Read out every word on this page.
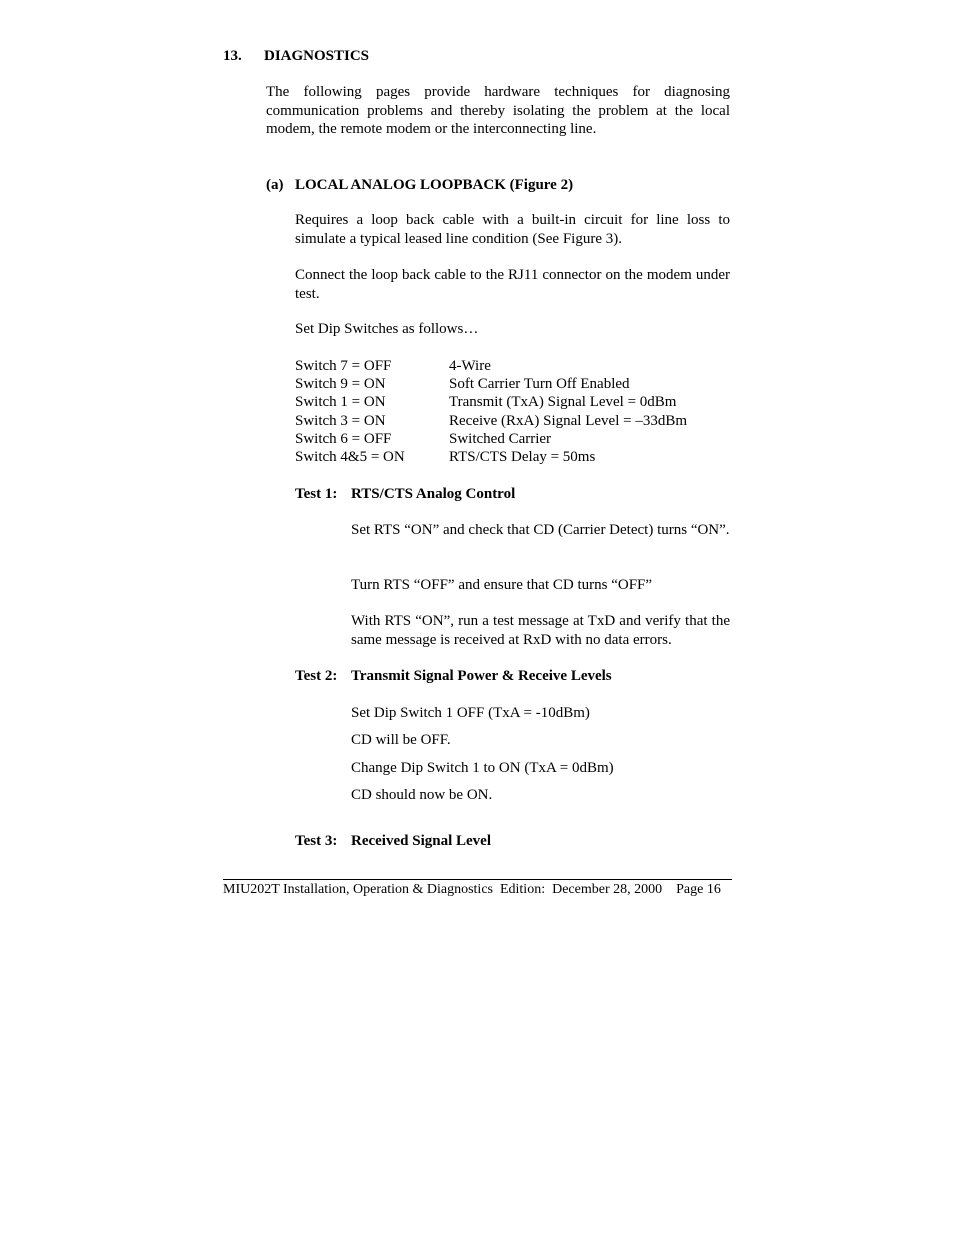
13. DIAGNOSTICS
The following pages provide hardware techniques for diagnosing communication problems and thereby isolating the problem at the local modem, the remote modem or the interconnecting line.
(a) LOCAL ANALOG LOOPBACK (Figure 2)
Requires a loop back cable with a built-in circuit for line loss to simulate a typical leased line condition (See Figure 3).
Connect the loop back cable to the RJ11 connector on the modem under test.
Set Dip Switches as follows…
Switch 7 = OFF	4-Wire
Switch 9 = ON	Soft Carrier Turn Off Enabled
Switch 1 = ON	Transmit (TxA) Signal Level = 0dBm
Switch 3 = ON	Receive (RxA) Signal Level = –33dBm
Switch 6 = OFF	Switched Carrier
Switch 4&5 = ON	RTS/CTS Delay = 50ms
Test 1: RTS/CTS Analog Control
Set RTS “ON” and check that CD (Carrier Detect) turns “ON”.
Turn RTS “OFF” and ensure that CD turns “OFF”
With RTS “ON”, run a test message at TxD and verify that the same message is received at RxD with no data errors.
Test 2: Transmit Signal Power & Receive Levels
Set Dip Switch 1 OFF (TxA = -10dBm)
CD will be OFF.
Change Dip Switch 1 to ON (TxA = 0dBm)
CD should now be ON.
Test 3: Received Signal Level
MIU202T Installation, Operation & Diagnostics  Edition:  December 28, 2000    Page 16
